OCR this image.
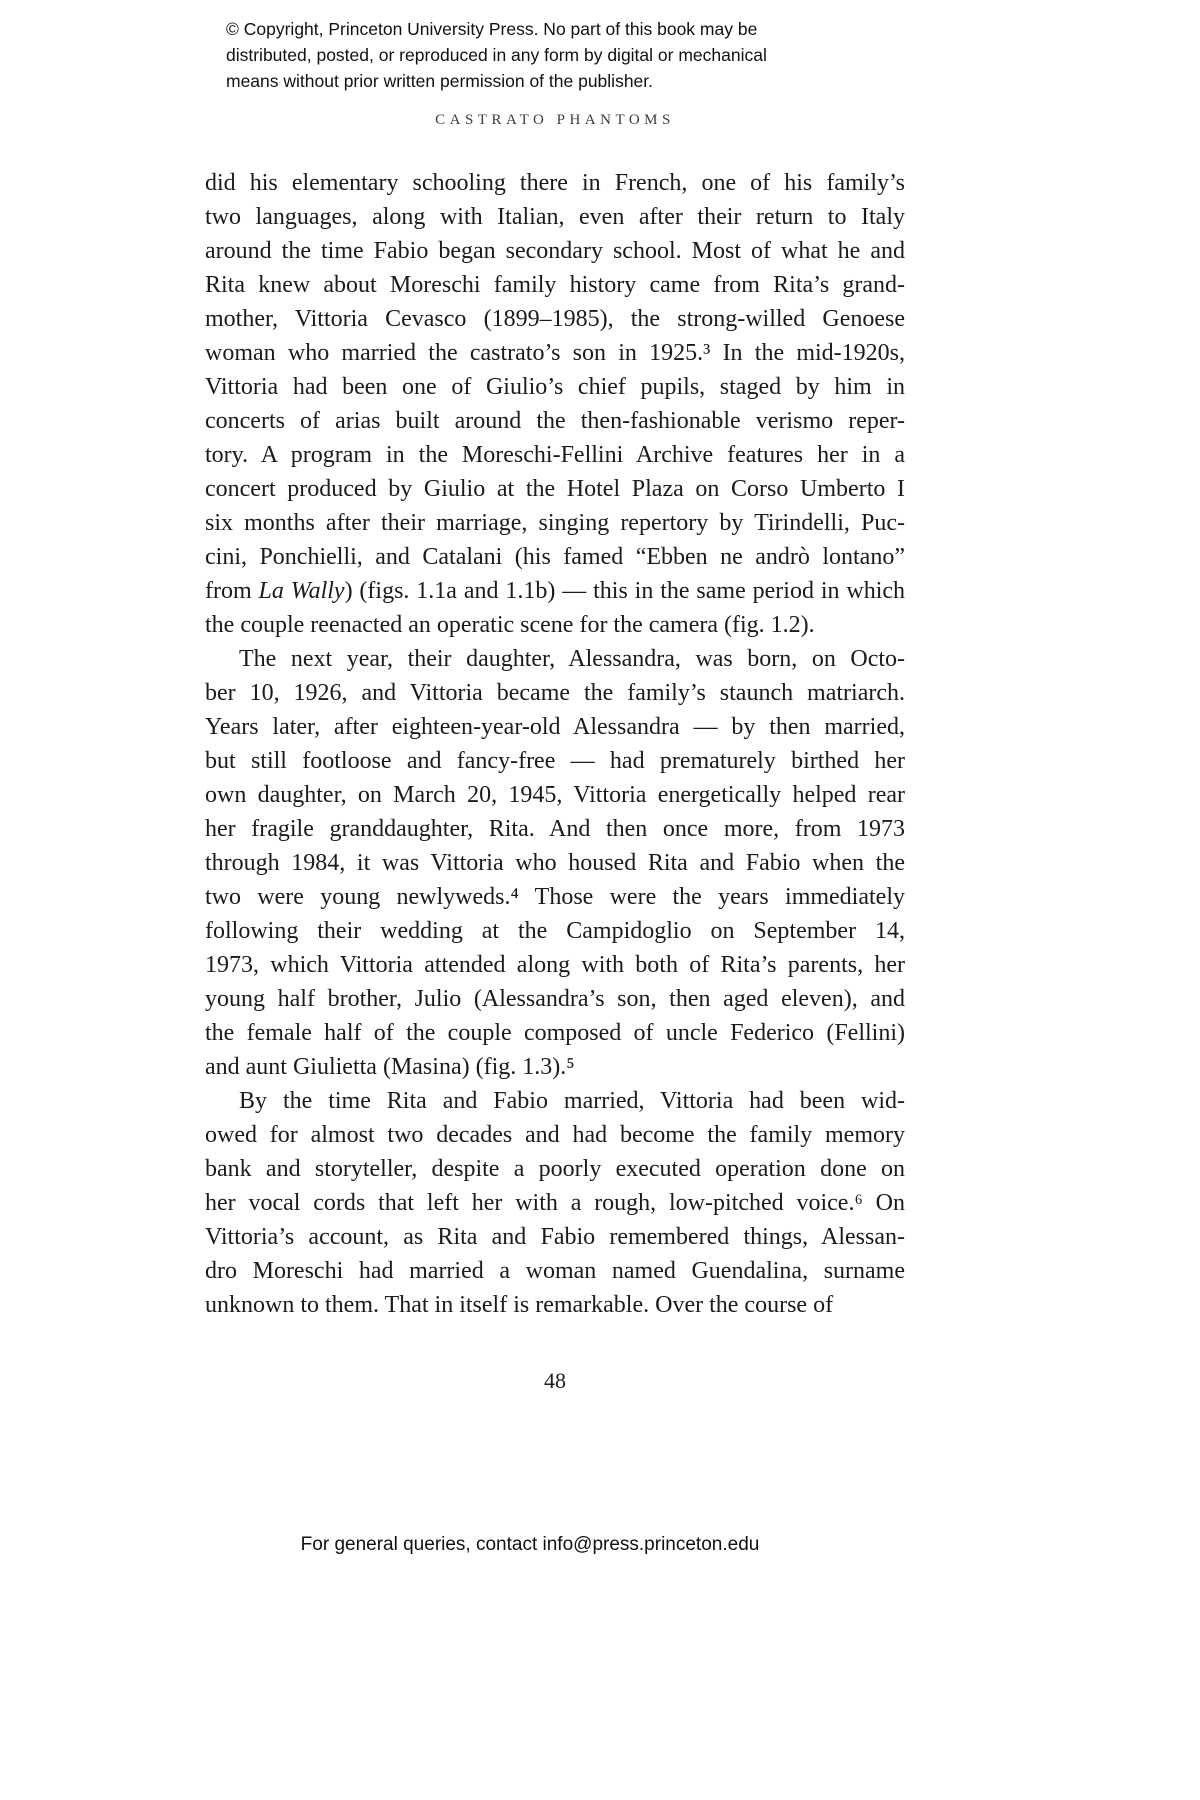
© Copyright, Princeton University Press. No part of this book may be
distributed, posted, or reproduced in any form by digital or mechanical
means without prior written permission of the publisher.
CASTRATO PHANTOMS
did his elementary schooling there in French, one of his family’s
two languages, along with Italian, even after their return to Italy
around the time Fabio began secondary school. Most of what he and
Rita knew about Moreschi family history came from Rita’s grand-
mother, Vittoria Cevasco (1899–1985), the strong-willed Genoese
woman who married the castrato’s son in 1925.³ In the mid-1920s,
Vittoria had been one of Giulio’s chief pupils, staged by him in
concerts of arias built around the then-fashionable verismo reper-
tory. A program in the Moreschi-Fellini Archive features her in a
concert produced by Giulio at the Hotel Plaza on Corso Umberto I
six months after their marriage, singing repertory by Tirindelli, Puc-
cini, Ponchielli, and Catalani (his famed “Ebben ne andrò lontano”
from La Wally) (figs. 1.1a and 1.1b) — this in the same period in which
the couple reenacted an operatic scene for the camera (fig. 1.2).
The next year, their daughter, Alessandra, was born, on Octo-
ber 10, 1926, and Vittoria became the family’s staunch matriarch.
Years later, after eighteen-year-old Alessandra — by then married,
but still footloose and fancy-free — had prematurely birthed her
own daughter, on March 20, 1945, Vittoria energetically helped rear
her fragile granddaughter, Rita. And then once more, from 1973
through 1984, it was Vittoria who housed Rita and Fabio when the
two were young newlyweds.⁴ Those were the years immediately
following their wedding at the Campidoglio on September 14,
1973, which Vittoria attended along with both of Rita’s parents, her
young half brother, Julio (Alessandra’s son, then aged eleven), and
the female half of the couple composed of uncle Federico (Fellini)
and aunt Giulietta (Masina) (fig. 1.3).⁵
By the time Rita and Fabio married, Vittoria had been wid-
owed for almost two decades and had become the family memory
bank and storyteller, despite a poorly executed operation done on
her vocal cords that left her with a rough, low-pitched voice.⁶ On
Vittoria’s account, as Rita and Fabio remembered things, Alessan-
dro Moreschi had married a woman named Guendalina, surname
unknown to them. That in itself is remarkable. Over the course of
48
For general queries, contact info@press.princeton.edu
